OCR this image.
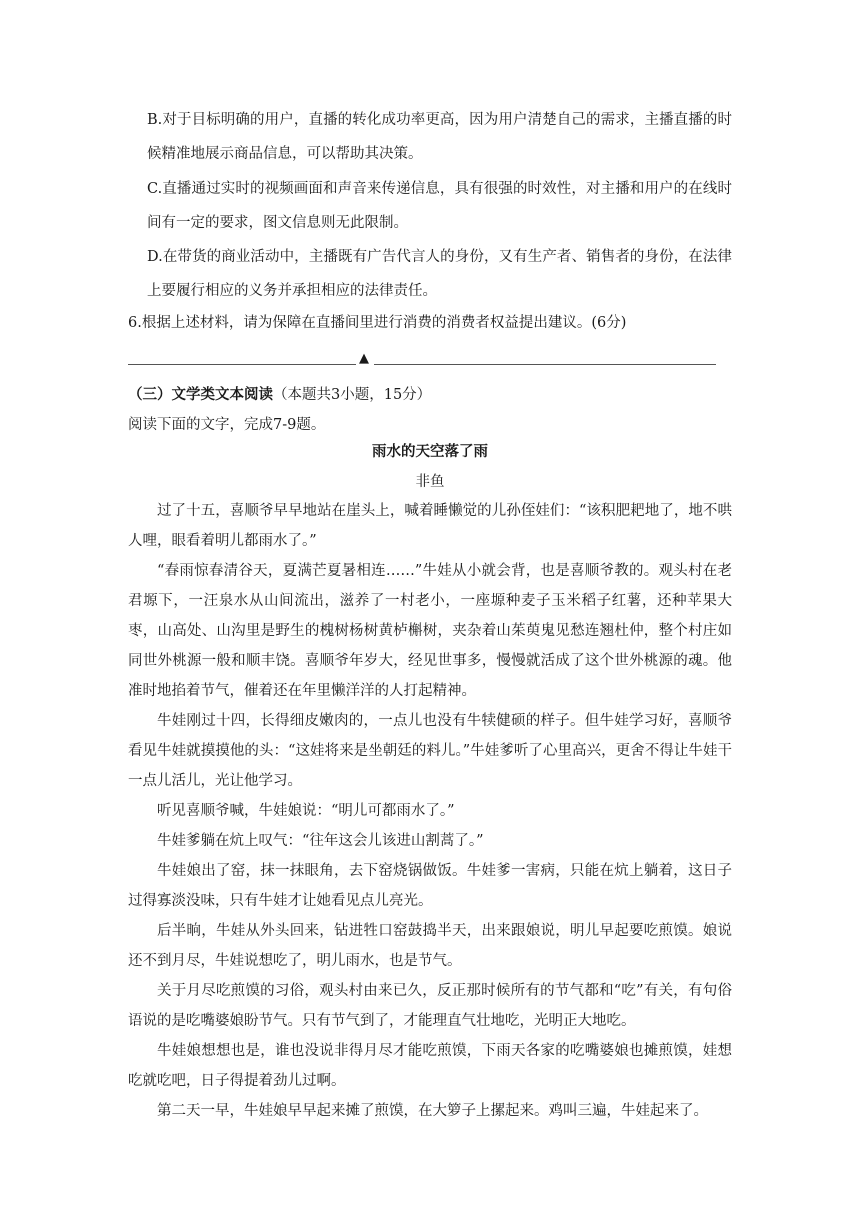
B.对于目标明确的用户，直播的转化成功率更高，因为用户清楚自己的需求，主播直播的时候精准地展示商品信息，可以帮助其决策。
C.直播通过实时的视频画面和声音来传递信息，具有很强的时效性，对主播和用户的在线时间有一定的要求，图文信息则无此限制。
D.在带货的商业活动中，主播既有广告代言人的身份，又有生产者、销售者的身份，在法律上要履行相应的义务并承担相应的法律责任。
6.根据上述材料，请为保障在直播间里进行消费的消费者权益提出建议。(6分)
▲
（三）文学类文本阅读（本题共3小题，15分）
阅读下面的文字，完成7-9题。
雨水的天空落了雨
非鱼

过了十五，喜顺爷早早地站在崖头上，喊着睡懒觉的儿孙侄娃们：“该积肥耙地了，地不哄人哩，眼看着明儿都雨水了。”

“春雨惊春清谷天，夏满芒夏暑相连……”牛娃从小就会背，也是喜顺爷教的。观头村在老君塬下，一汪泉水从山间流出，滋养了一村老小，一座塬种麦子玉米稻子红薯，还种苹果大枣，山高处、山沟里是野生的槐树杨树黄栌槲树，夹杂着山茱萸鬼见愁连翘杜仲，整个村庄如同世外桃源一般和顺丰饶。喜顺爷年岁大，经见世事多，慢慢就活成了这个世外桃源的魂。他准时地掐着节气，催着还在年里懒洋洋的人打起精神。

牛娃刚过十四，长得细皮嫩肉的，一点儿也没有牛犊健硕的样子。但牛娃学习好，喜顺爷看见牛娃就摸摸他的头：“这娃将来是坐朝廷的料儿。”牛娃爹听了心里高兴，更舍不得让牛娃干一点儿活儿，光让他学习。

听见喜顺爷喊，牛娃娘说：“明儿可都雨水了。”

牛娃爹躺在炕上叹气：“往年这会儿该进山割蒿了。”

牛娃娘出了窑，抹一抹眼角，去下窑烧锅做饭。牛娃爹一害病，只能在炕上躺着，这日子过得寡淡没味，只有牛娃才让她看见点儿亮光。

后半晌，牛娃从外头回来，钻进牲口窑鼓捣半天，出来跟娘说，明儿早起要吃煎馍。娘说还不到月尽，牛娃说想吃了，明儿雨水，也是节气。

关于月尽吃煎馍的习俗，观头村由来已久，反正那时候所有的节气都和“吃”有关，有句俗语说的是吃嘴婆娘盼节气。只有节气到了，才能理直气壮地吃，光明正大地吃。

牛娃娘想想也是，谁也没说非得月尽才能吃煎馍，下雨天各家的吃嘴婆娘也摊煎馍，娃想吃就吃吧，日子得提着劲儿过啊。

第二天一早，牛娃娘早早起来摊了煎馍，在大箩子上摞起来。鸡叫三遍，牛娃起来了。
